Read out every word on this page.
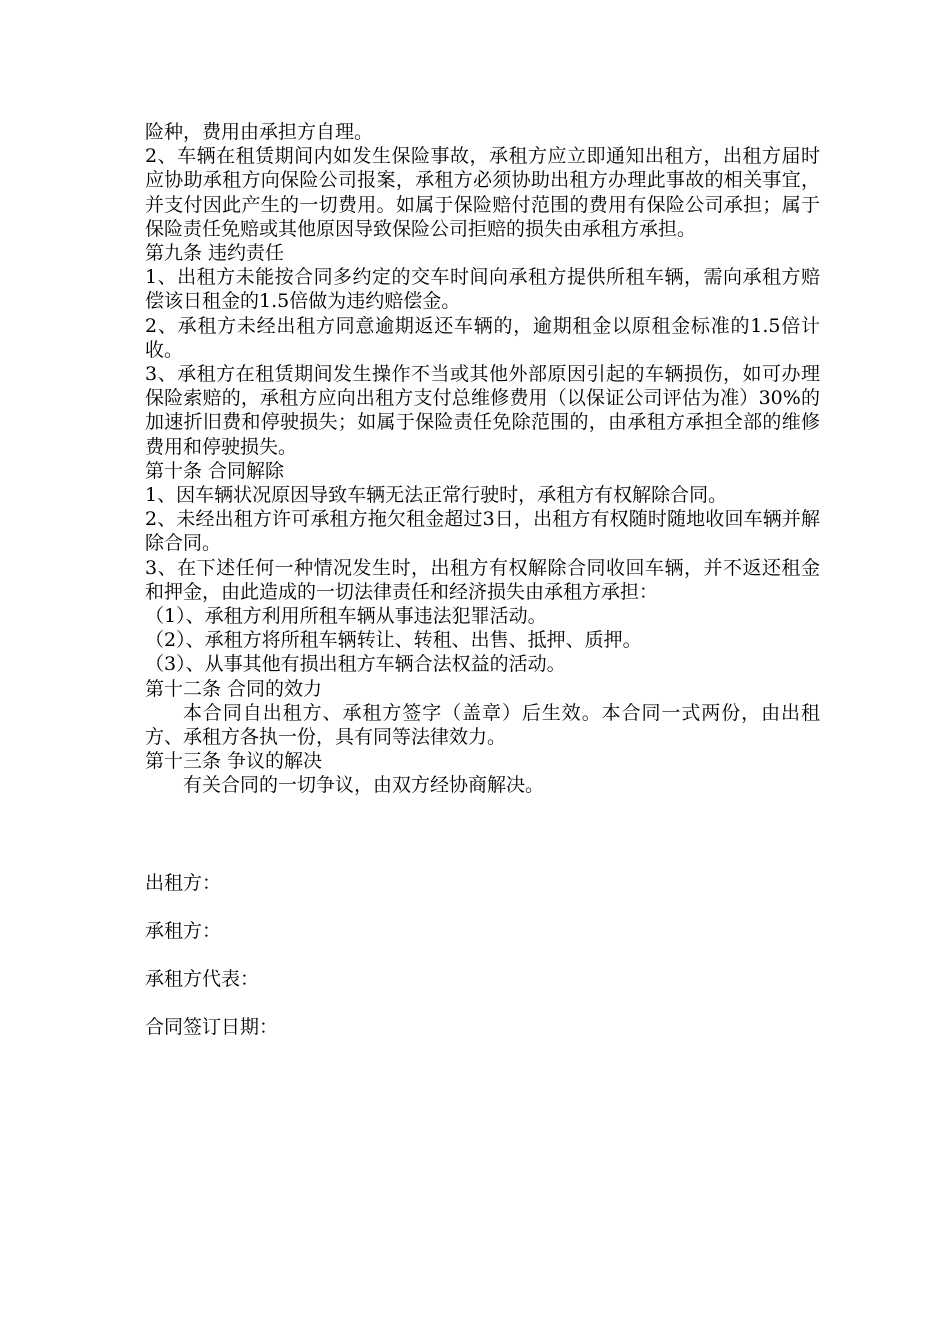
险种，费用由承担方自理。

2、车辆在租赁期间内如发生保险事故，承租方应立即通知出租方，出租方届时应协助承租方向保险公司报案，承租方必须协助出租方办理此事故的相关事宜，并支付因此产生的一切费用。如属于保险赔付范围的费用有保险公司承担；属于保险责任免赔或其他原因导致保险公司拒赔的损失由承租方承担。

第九条 违约责任

1、出租方未能按合同多约定的交车时间向承租方提供所租车辆，需向承租方赔偿该日租金的1.5倍做为违约赔偿金。

2、承租方未经出租方同意逾期返还车辆的，逾期租金以原租金标准的1.5倍计收。

3、承租方在租赁期间发生操作不当或其他外部原因引起的车辆损伤，如可办理保险索赔的，承租方应向出租方支付总维修费用（以保证公司评估为准）30%的加速折旧费和停驶损失；如属于保险责任免除范围的，由承租方承担全部的维修费用和停驶损失。

第十条 合同解除

1、因车辆状况原因导致车辆无法正常行驶时，承租方有权解除合同。

2、未经出租方许可承租方拖欠租金超过3日，出租方有权随时随地收回车辆并解除合同。

3、在下述任何一种情况发生时，出租方有权解除合同收回车辆，并不返还租金和押金，由此造成的一切法律责任和经济损失由承租方承担：

（1）、承租方利用所租车辆从事违法犯罪活动。

（2）、承租方将所租车辆转让、转租、出售、抵押、质押。

（3）、从事其他有损出租方车辆合法权益的活动。

第十二条 合同的效力

本合同自出租方、承租方签字（盖章）后生效。本合同一式两份，由出租方、承租方各执一份，具有同等法律效力。

第十三条 争议的解决

有关合同的一切争议，由双方经协商解决。

出租方：

承租方：

承租方代表：

合同签订日期：
